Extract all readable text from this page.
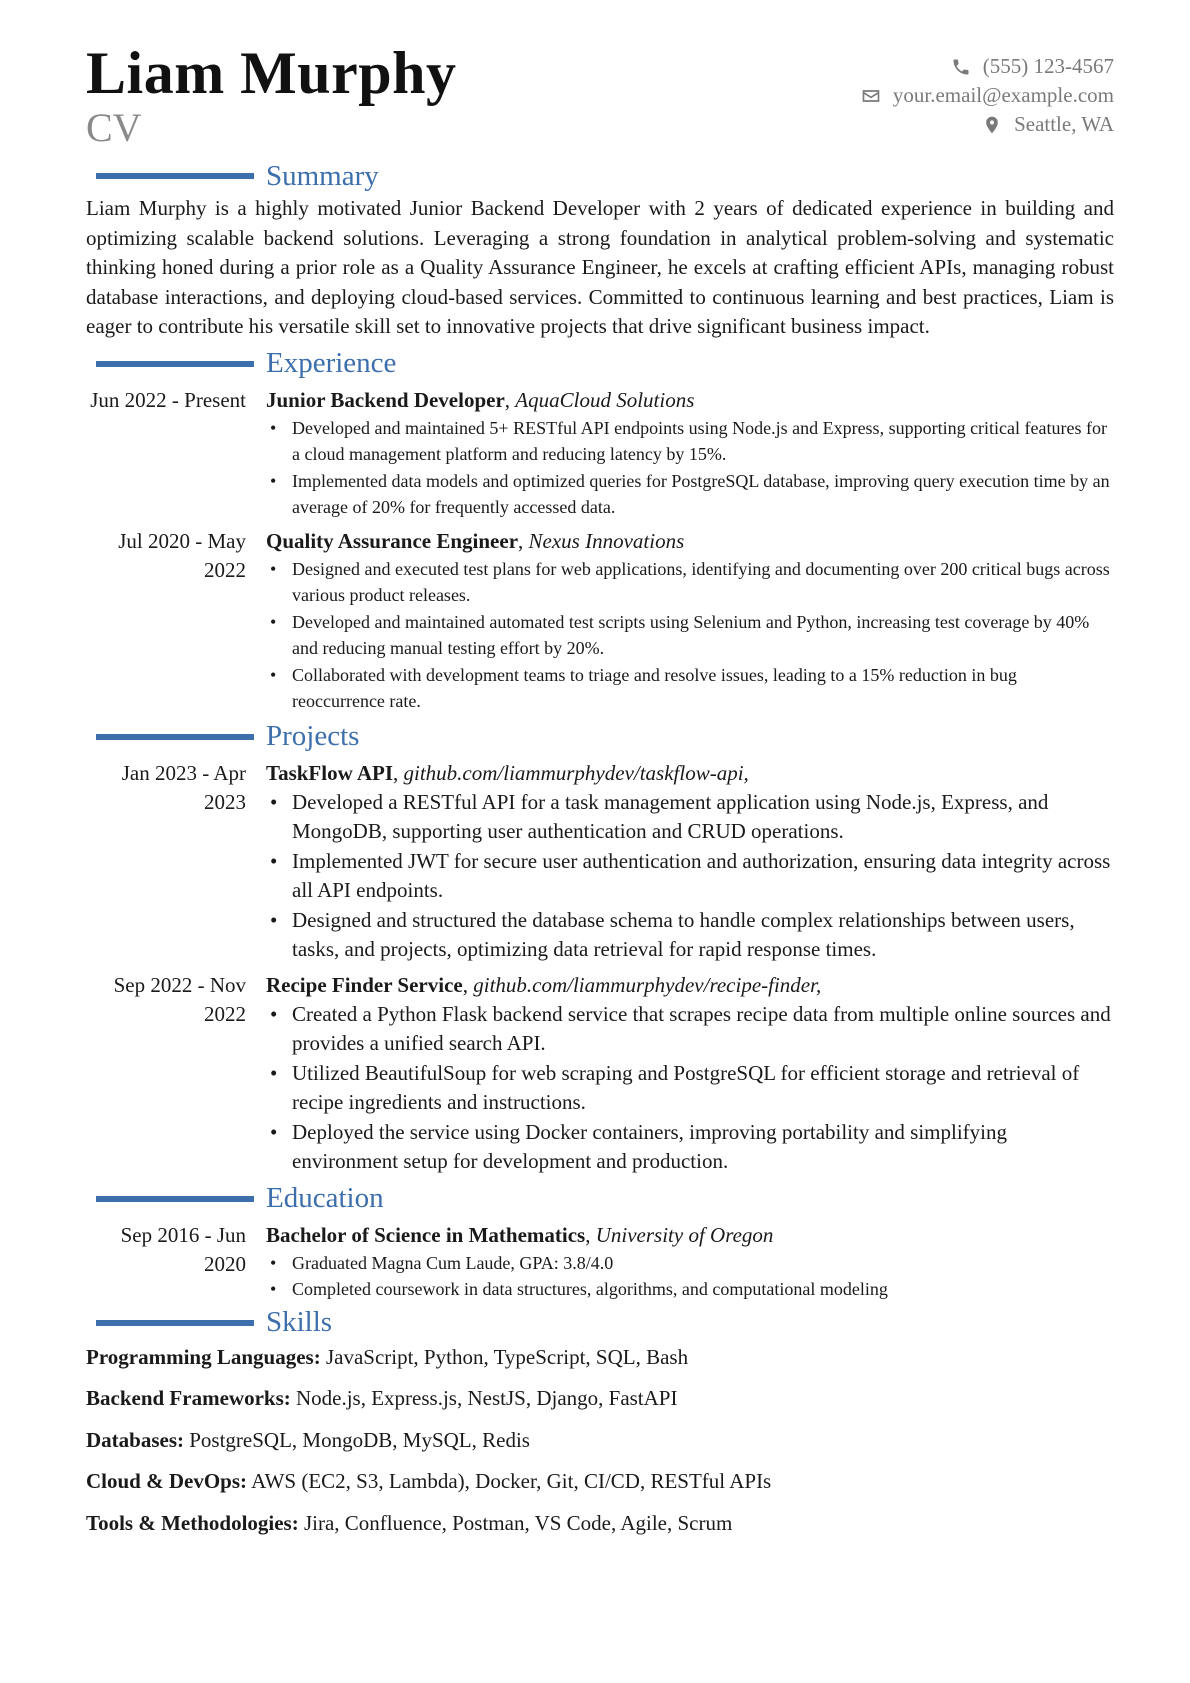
Liam Murphy
CV
(555) 123-4567
your.email@example.com
Seattle, WA
Summary

Liam Murphy is a highly motivated Junior Backend Developer with 2 years of dedicated experience in building and optimizing scalable backend solutions. Leveraging a strong foundation in analytical problem-solving and systematic thinking honed during a prior role as a Quality Assurance Engineer, he excels at crafting efficient APIs, managing robust database interactions, and deploying cloud-based services. Committed to continuous learning and best practices, Liam is eager to contribute his versatile skill set to innovative projects that drive significant business impact.

Experience
Jun 2022 - Present Junior Backend Developer, AquaCloud Solutions
• Developed and maintained 5+ RESTful API endpoints using Node.js and Express, supporting critical features for a cloud management platform and reducing latency by 15%.
• Implemented data models and optimized queries for PostgreSQL database, improving query execution time by an average of 20% for frequently accessed data.
Jul 2020 - May 2022
Quality Assurance Engineer, Nexus Innovations
• Designed and executed test plans for web applications, identifying and documenting over 200 critical bugs across various product releases.
• Developed and maintained automated test scripts using Selenium and Python, increasing test coverage by 40% and reducing manual testing effort by 20%.
• Collaborated with development teams to triage and resolve issues, leading to a 15% reduction in bug reoccurrence rate.
Projects
Jan 2023 - Apr 2023
TaskFlow API, github.com/liammurphydev/taskflow-api,
• Developed a RESTful API for a task management application using Node.js, Express, and MongoDB, supporting user authentication and CRUD operations.
• Implemented JWT for secure user authentication and authorization, ensuring data integrity across all API endpoints.
• Designed and structured the database schema to handle complex relationships between users, tasks, and projects, optimizing data retrieval for rapid response times.
Sep 2022 - Nov 2022
Recipe Finder Service, github.com/liammurphydev/recipe-finder,
• Created a Python Flask backend service that scrapes recipe data from multiple online sources and provides a unified search API.
• Utilized BeautifulSoup for web scraping and PostgreSQL for efficient storage and retrieval of recipe ingredients and instructions.
• Deployed the service using Docker containers, improving portability and simplifying environment setup for development and production.
Education
Sep 2016 - Jun 2020
Bachelor of Science in Mathematics, University of Oregon
• Graduated Magna Cum Laude, GPA: 3.8/4.0
• Completed coursework in data structures, algorithms, and computational modeling
Skills
Programming Languages: JavaScript, Python, TypeScript, SQL, Bash
Backend Frameworks: Node.js, Express.js, NestJS, Django, FastAPI
Databases: PostgreSQL, MongoDB, MySQL, Redis
Cloud & DevOps: AWS (EC2, S3, Lambda), Docker, Git, CI/CD, RESTful APIs
Tools & Methodologies: Jira, Confluence, Postman, VS Code, Agile, Scrum
